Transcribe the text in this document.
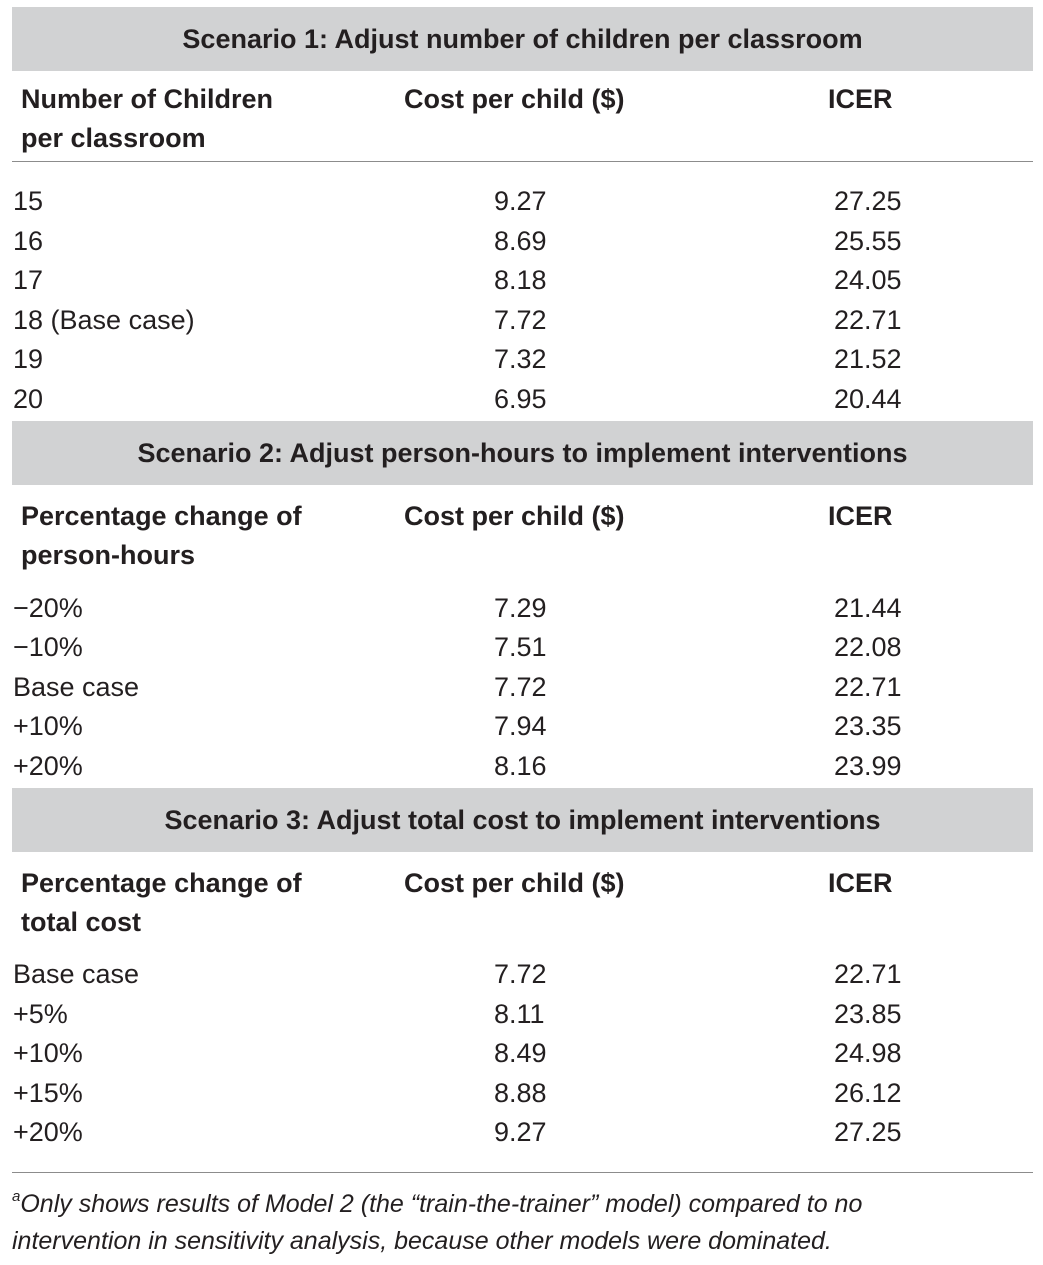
Scenario 1: Adjust number of children per classroom
Number of Children
per classroom
Cost per child ($)	ICER
15	9.27	27.25
16	8.69	25.55
17	8.18	24.05
18 (Base case)	7.72	22.71
19	7.32	21.52
20	6.95	20.44
Scenario 2: Adjust person-hours to implement interventions
Percentage change of
person-hours
Cost per child ($)	ICER
−20%	7.29	21.44
−10%	7.51	22.08
Base case	7.72	22.71
+10%	7.94	23.35
+20%	8.16	23.99
Scenario 3: Adjust total cost to implement interventions
Percentage change of
total cost
Cost per child ($)	ICER
Base case	7.72	22.71
+5%	8.11	23.85
+10%	8.49	24.98
+15%	8.88	26.12
+20%	9.27	27.25
$^a$Only shows results of Model 2 (the “train-the-trainer” model) compared to no
intervention in sensitivity analysis, because other models were dominated.
